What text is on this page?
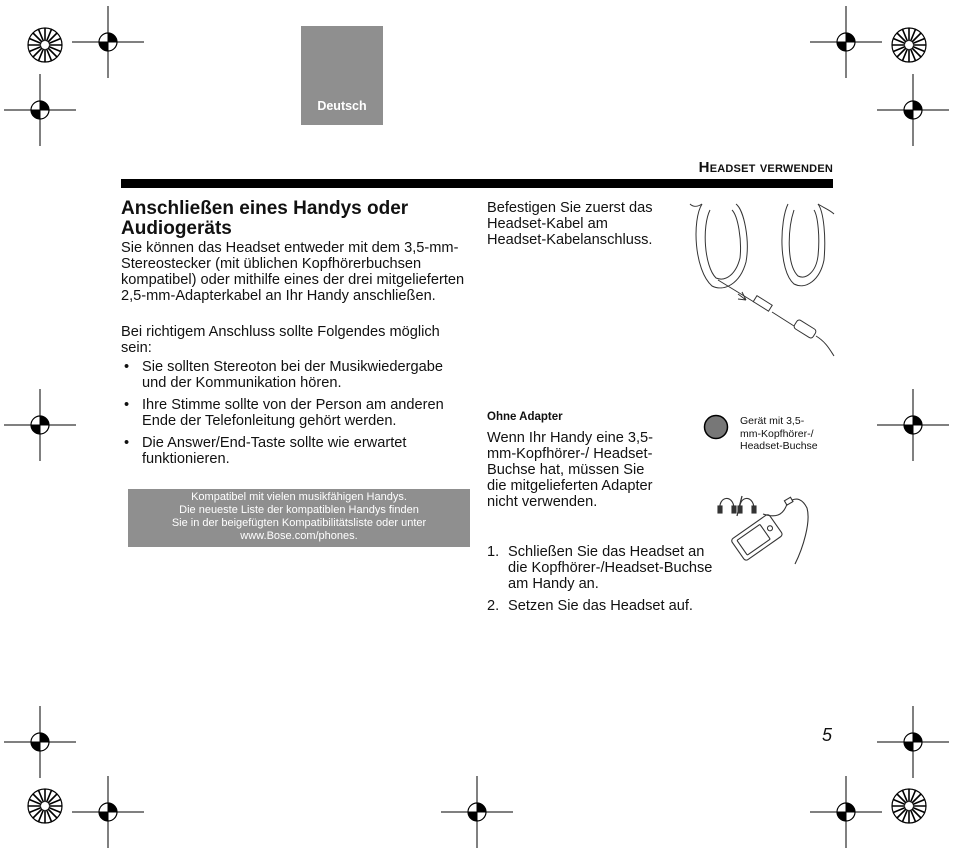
Deutsch
Headset verwenden
Anschließen eines Handys oder Audiogeräts
Sie können das Headset entweder mit dem 3,5-mm-Stereostecker (mit üblichen Kopfhörerbuchsen kompatibel) oder mithilfe eines der drei mitgelieferten 2,5-mm-Adapterkabel an Ihr Handy anschließen.
Bei richtigem Anschluss sollte Folgendes möglich sein:
• Sie sollten Stereoton bei der Musikwiedergabe und der Kommunikation hören.
• Ihre Stimme sollte von der Person am anderen Ende der Telefonleitung gehört werden.
• Die Answer/End-Taste sollte wie erwartet funktionieren.
Kompatibel mit vielen musikfähigen Handys.
Die neueste Liste der kompatiblen Handys finden
Sie in der beigefügten Kompatibilitätsliste oder unter
www.Bose.com/phones.
Befestigen Sie zuerst das Headset-Kabel am Headset-Kabelanschluss.
Ohne Adapter
Wenn Ihr Handy eine 3,5-mm-Kopfhörer-/ Headset-Buchse hat, müssen Sie die mitgelieferten Adapter nicht verwenden.
1. Schließen Sie das Headset an die Kopfhörer-/Headset-Buchse am Handy an.
2. Setzen Sie das Headset auf.
Gerät mit 3,5-mm-Kopfhörer-/ Headset-Buchse
5
